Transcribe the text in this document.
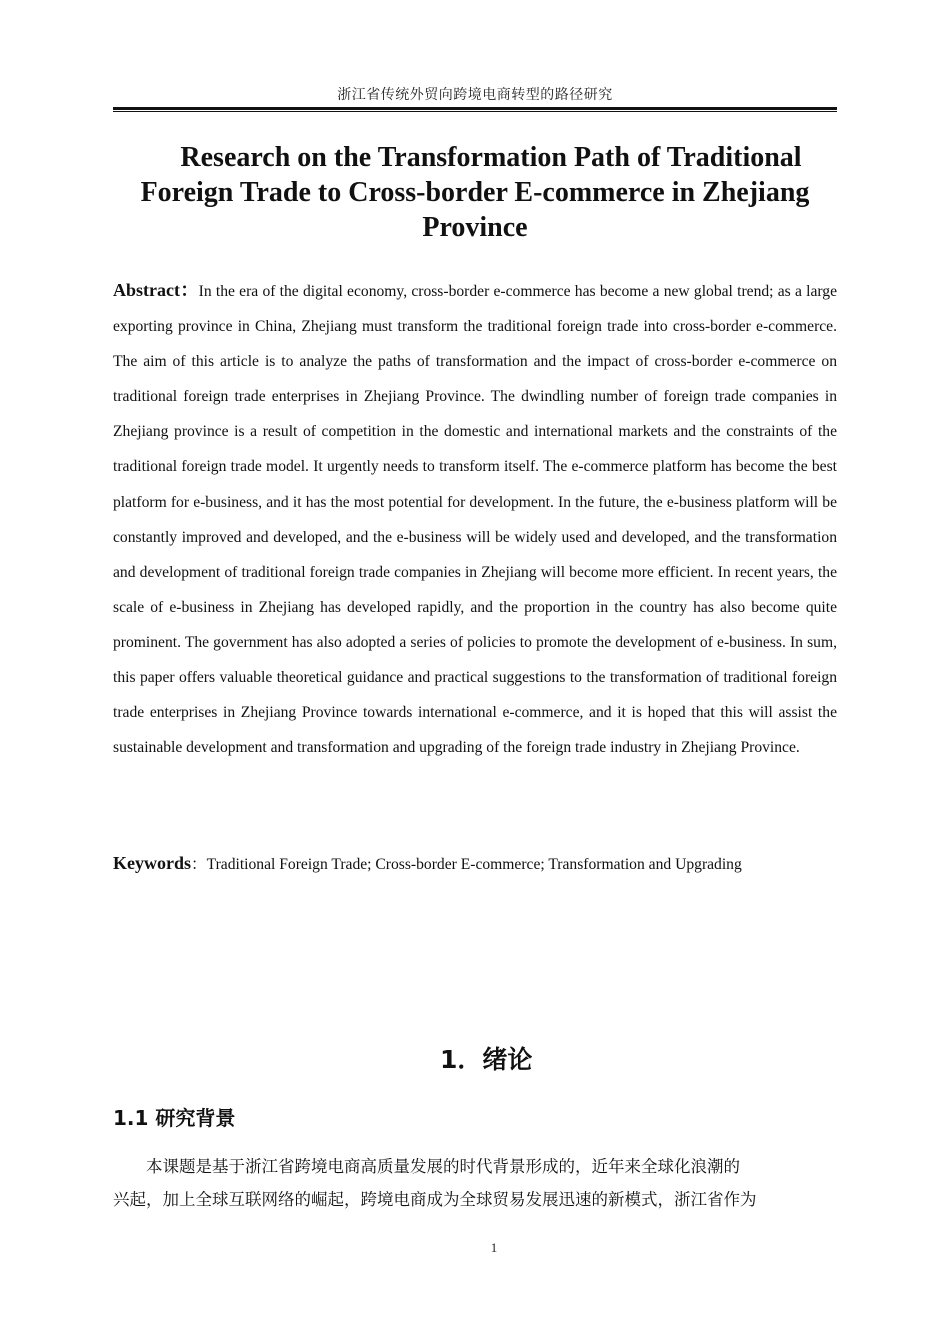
浙江省传统外贸向跨境电商转型的路径研究
Research on the Transformation Path of Traditional
Foreign Trade to Cross-border E-commerce in Zhejiang
Province

Abstract：In the era of the digital economy, cross-border e-commerce has become a new global trend; as a large exporting province in China, Zhejiang must transform the traditional foreign trade into cross-border e-commerce. The aim of this article is to analyze the paths of transformation and the impact of cross-border e-commerce on traditional foreign trade enterprises in Zhejiang Province. The dwindling number of foreign trade companies in Zhejiang province is a result of competition in the domestic and international markets and the constraints of the traditional foreign trade model. It urgently needs to transform itself. The e-commerce platform has become the best platform for e-business, and it has the most potential for development. In the future, the e-business platform will be constantly improved and developed, and the e-business will be widely used and developed, and the transformation and development of traditional foreign trade companies in Zhejiang will become more efficient. In recent years, the scale of e-business in Zhejiang has developed rapidly, and the proportion in the country has also become quite prominent. The government has also adopted a series of policies to promote the development of e-business. In sum, this paper offers valuable theoretical guidance and practical suggestions to the transformation of traditional foreign trade enterprises in Zhejiang Province towards international e-commerce, and it is hoped that this will assist the sustainable development and transformation and upgrading of the foreign trade industry in Zhejiang Province.

Keywords：Traditional Foreign Trade; Cross-border E-commerce; Transformation and Upgrading

1．绪论
1.1 研究背景

本课题是基于浙江省跨境电商高质量发展的时代背景形成的，近年来全球化浪潮的
兴起，加上全球互联网络的崛起，跨境电商成为全球贸易发展迅速的新模式，浙江省作为

1
